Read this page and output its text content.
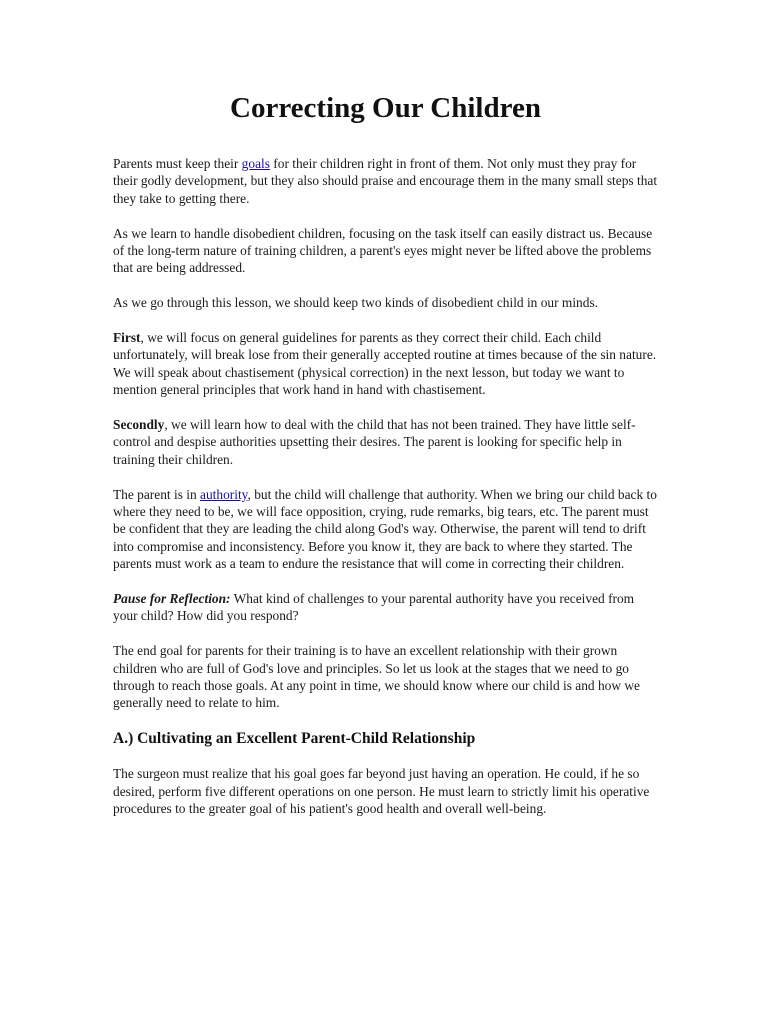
Correcting Our Children

Parents must keep their goals for their children right in front of them. Not only must they pray for their godly development, but they also should praise and encourage them in the many small steps that they take to getting there.

As we learn to handle disobedient children, focusing on the task itself can easily distract us. Because of the long-term nature of training children, a parent's eyes might never be lifted above the problems that are being addressed.

As we go through this lesson, we should keep two kinds of disobedient child in our minds.

First, we will focus on general guidelines for parents as they correct their child. Each child unfortunately, will break lose from their generally accepted routine at times because of the sin nature. We will speak about chastisement (physical correction) in the next lesson, but today we want to mention general principles that work hand in hand with chastisement.

Secondly, we will learn how to deal with the child that has not been trained. They have little self-control and despise authorities upsetting their desires. The parent is looking for specific help in training their children.

The parent is in authority, but the child will challenge that authority. When we bring our child back to where they need to be, we will face opposition, crying, rude remarks, big tears, etc. The parent must be confident that they are leading the child along God's way. Otherwise, the parent will tend to drift into compromise and inconsistency. Before you know it, they are back to where they started. The parents must work as a team to endure the resistance that will come in correcting their children.

Pause for Reflection: What kind of challenges to your parental authority have you received from your child? How did you respond?

The end goal for parents for their training is to have an excellent relationship with their grown children who are full of God's love and principles. So let us look at the stages that we need to go through to reach those goals. At any point in time, we should know where our child is and how we generally need to relate to him.

A.) Cultivating an Excellent Parent-Child Relationship

The surgeon must realize that his goal goes far beyond just having an operation. He could, if he so desired, perform five different operations on one person. He must learn to strictly limit his operative procedures to the greater goal of his patient's good health and overall well-being.
